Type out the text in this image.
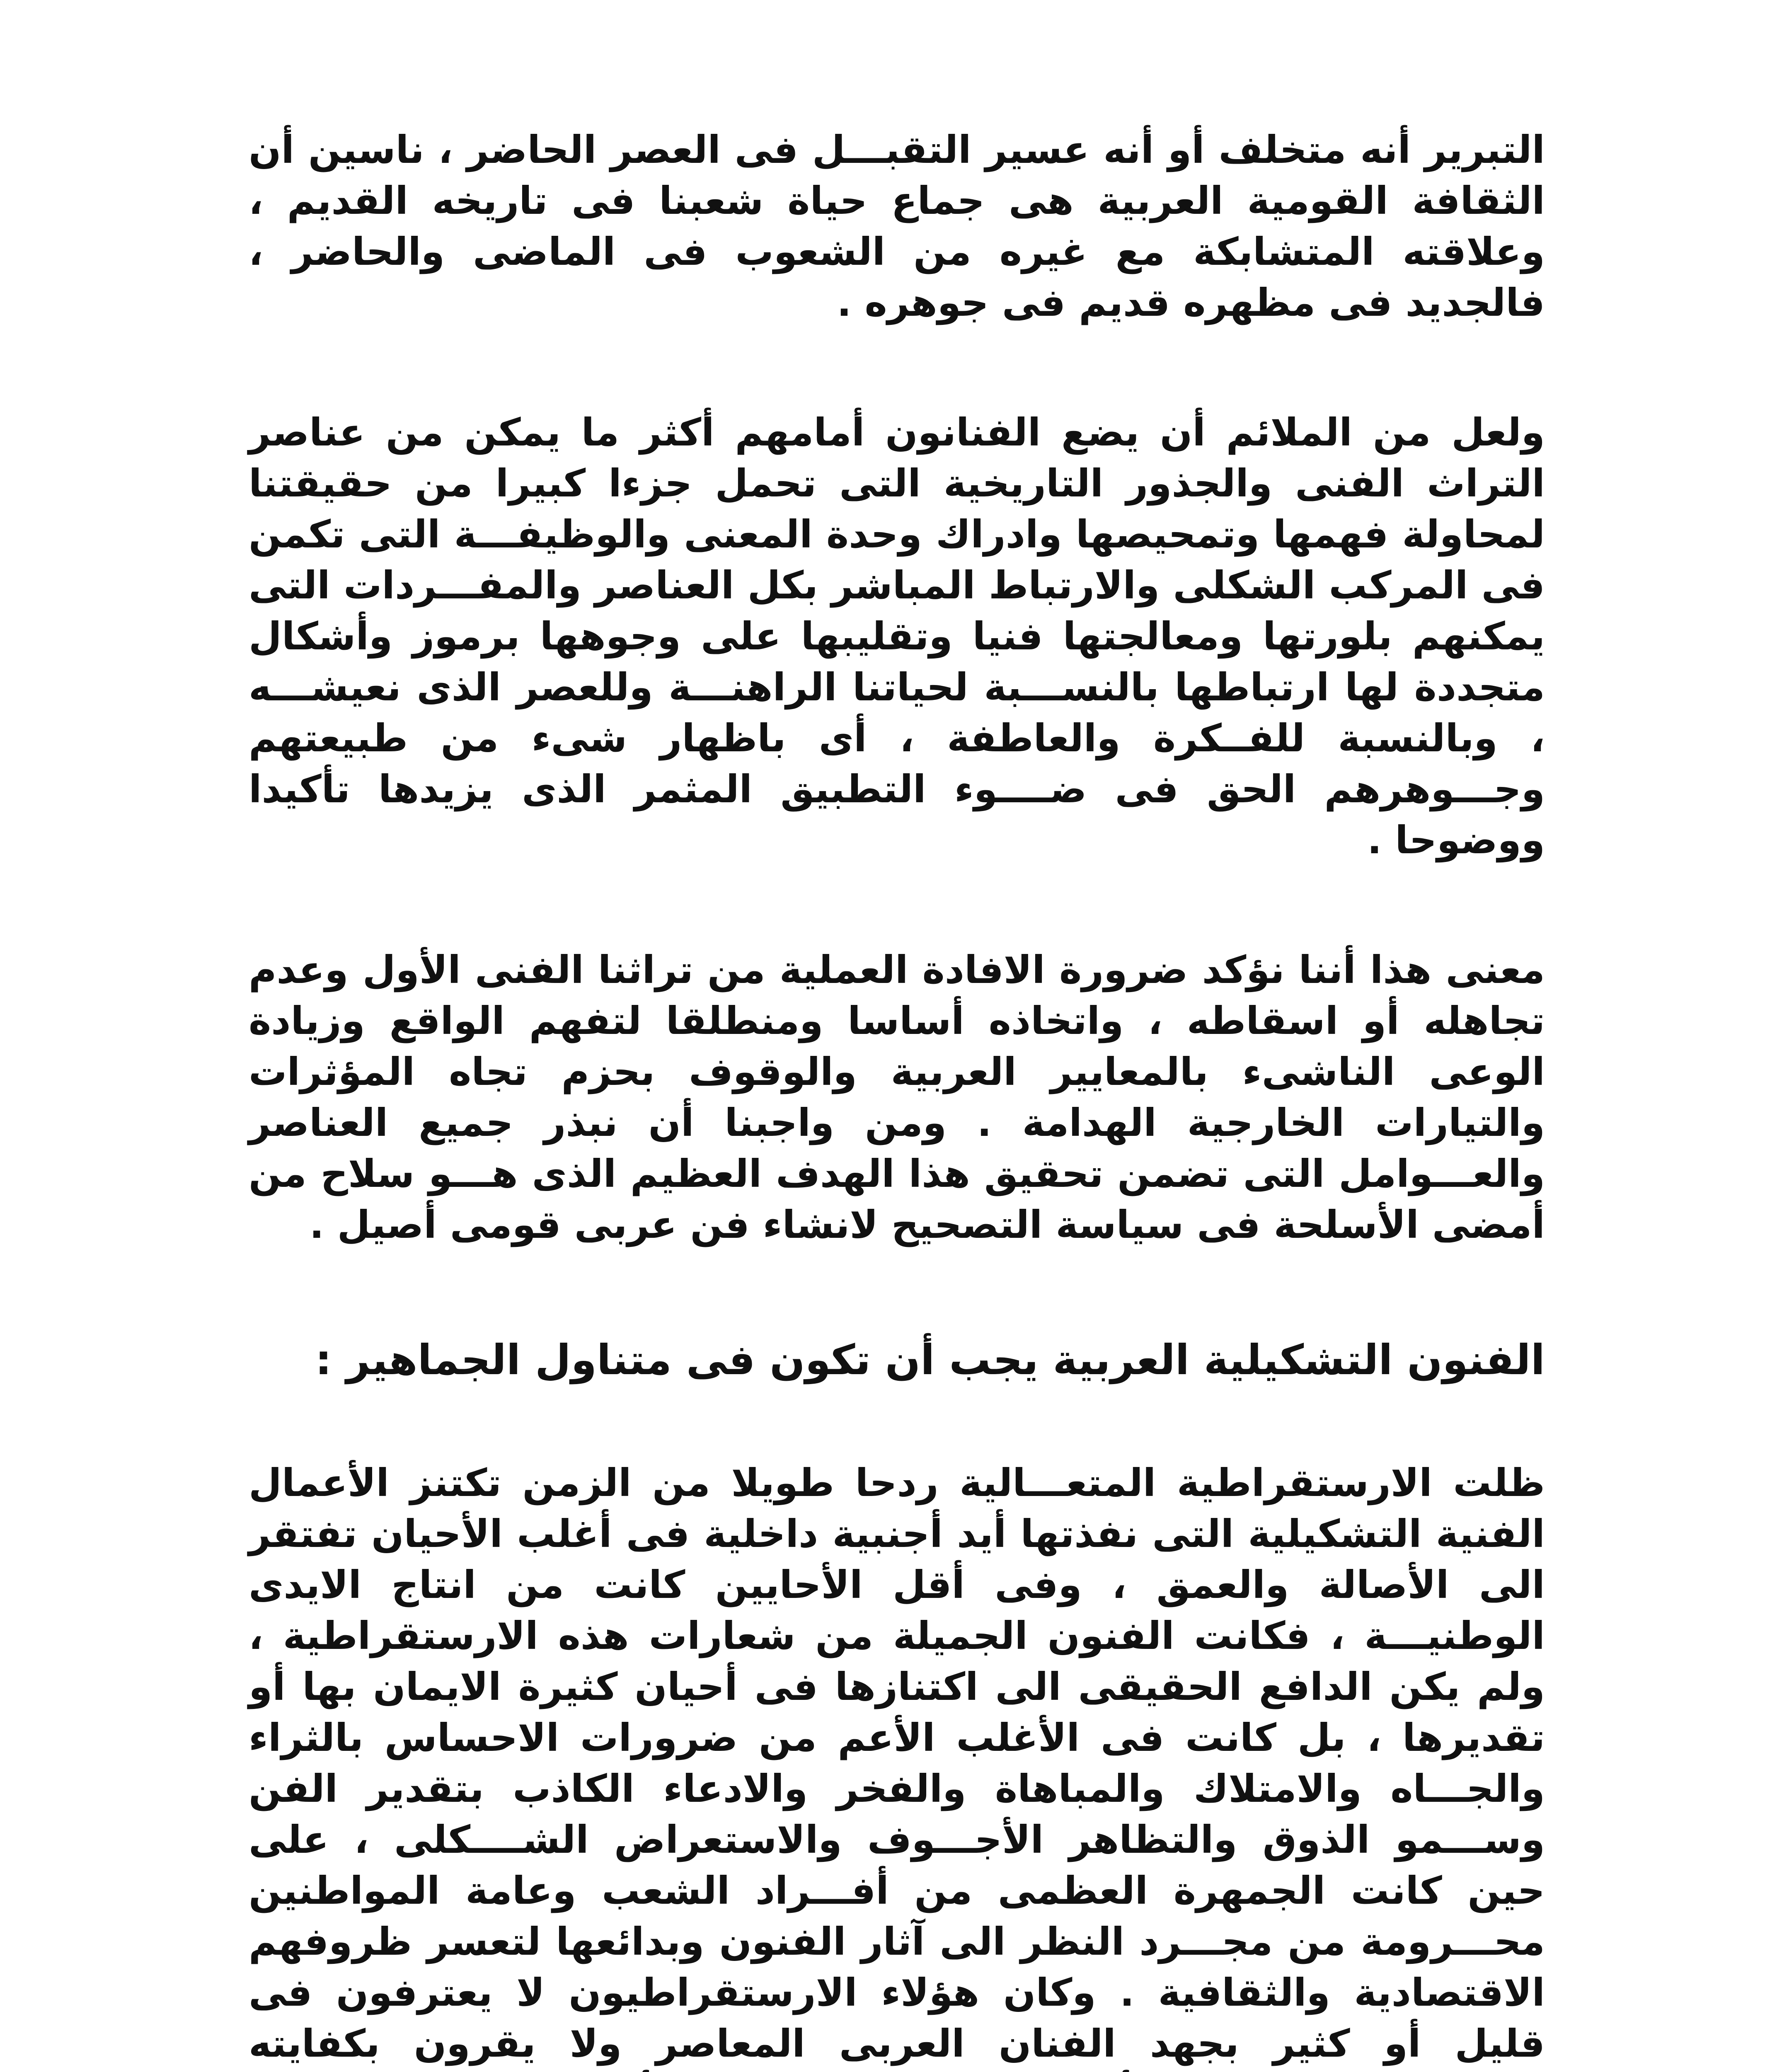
التبرير أنه متخلف أو أنه عسير التقبـــل فى العصر الحاضر ، ناسين أن الثقافة القومية العربية هى جماع حياة شعبنا فى تاريخه القديم ، وعلاقته المتشابكة مع غيره من الشعوب فى الماضى والحاضر ، فالجديد فى مظهره قديم فى جوهره .

ولعل من الملائم أن يضع الفنانون أمامهم أكثر ما يمكن من عناصر التراث الفنى والجذور التاريخية التى تحمل جزءا كبيرا من حقيقتنا لمحاولة فهمها وتمحيصها وادراك وحدة المعنى والوظيفـــة التى تكمن فى المركب الشكلى والارتباط المباشر بكل العناصر والمفـــردات التى يمكنهم بلورتها ومعالجتها فنيا وتقليبها على وجوهها برموز وأشكال متجددة لها ارتباطها بالنســـبة لحياتنا الراهنـــة وللعصر الذى نعيشـــه ، وبالنسبة للفــكرة والعاطفة ، أى باظهار شىء من طبيعتهم وجـــوهرهم الحق فى ضــــوء التطبيق المثمر الذى يزيدها تأكيدا ووضوحا .

معنى هذا أننا نؤكد ضرورة الافادة العملية من تراثنا الفنى الأول وعدم تجاهله أو اسقاطه ، واتخاذه أساسا ومنطلقا لتفهم الواقع وزيادة الوعى الناشىء بالمعايير العربية والوقوف بحزم تجاه المؤثرات والتيارات الخارجية الهدامة . ومن واجبنا أن نبذر جميع العناصر والعـــوامل التى تضمن تحقيق هذا الهدف العظيم الذى هـــو سلاح من أمضى الأسلحة فى سياسة التصحيح لانشاء فن عربى قومى أصيل .

الفنون التشكيلية العربية يجب أن تكون فى متناول الجماهير :

ظلت الارستقراطية المتعـــالية ردحا طويلا من الزمن تكتنز الأعمال الفنية التشكيلية التى نفذتها أيد أجنبية داخلية فى أغلب الأحيان تفتقر الى الأصالة والعمق ، وفى أقل الأحايين كانت من انتاج الايدى الوطنيـــة ، فكانت الفنون الجميلة من شعارات هذه الارستقراطية ، ولم يكن الدافع الحقيقى الى اكتنازها فى أحيان كثيرة الايمان بها أو تقديرها ، بل كانت فى الأغلب الأعم من ضرورات الاحساس بالثراء والجـــاه والامتلاك والمباهاة والفخر والادعاء الكاذب بتقدير الفن وســـمو الذوق والتظاهر الأجـــوف والاستعراض الشــــكلى ، على حين كانت الجمهرة العظمى من أفـــراد الشعب وعامة المواطنين محـــرومة من مجـــرد النظر الى آثار الفنون وبدائعها لتعسر ظروفهم الاقتصادية والثقافية . وكان هؤلاء الارستقراطيون لا يعترفون فى قليل أو كثير بجهد الفنان العربى المعاصر ولا يقرون بكفايته
